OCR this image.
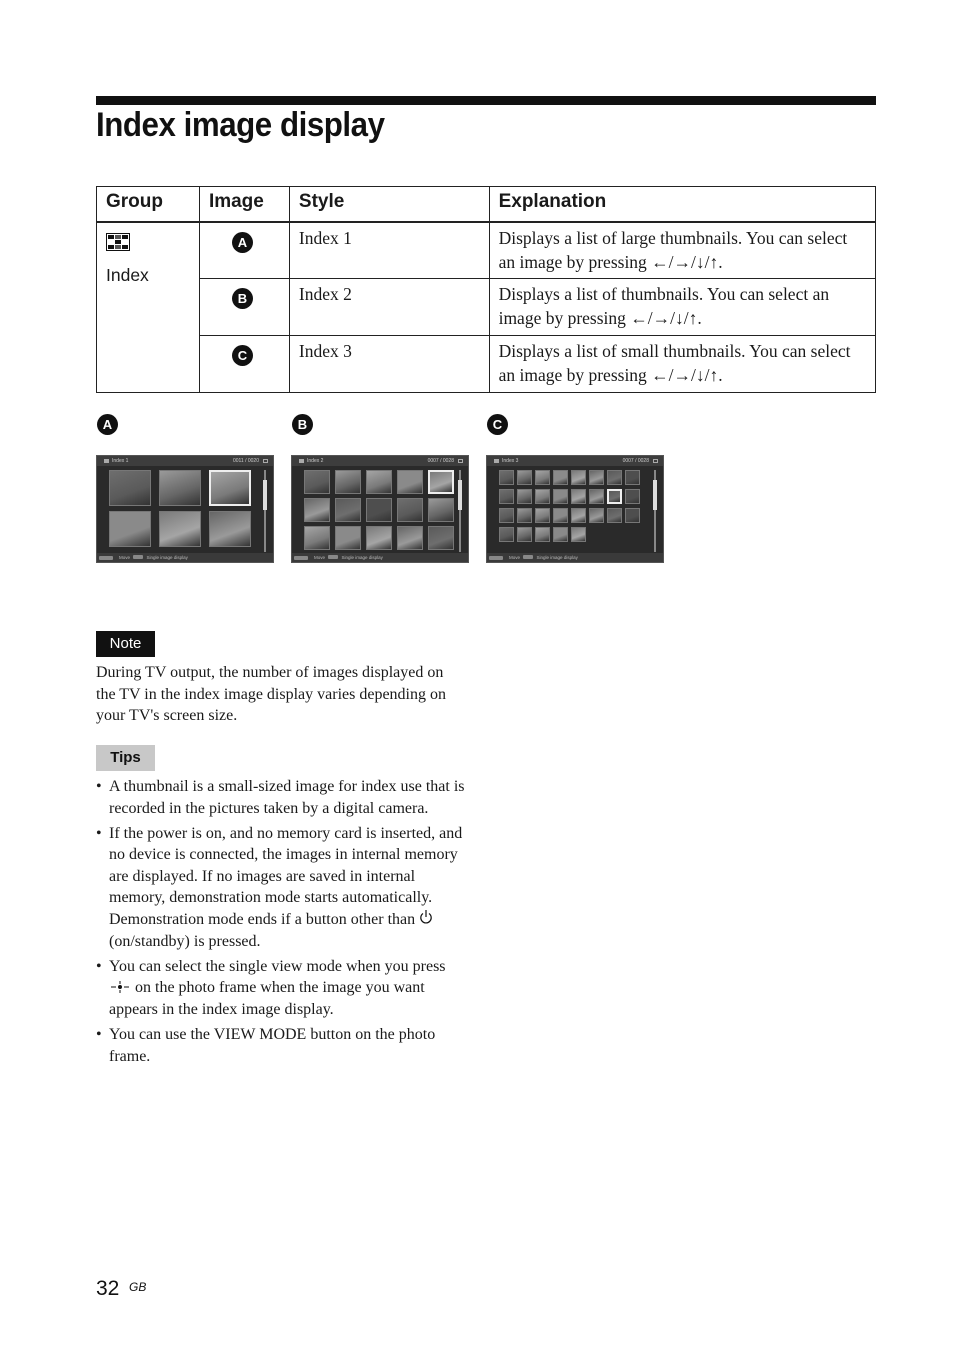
Index image display
Group	Image	Style	Explanation

Index	A	Index 1	Displays a list of large thumbnails. You can select an image by pressing ←/→/↓/↑.
	B	Index 2	Displays a list of thumbnails. You can select an image by pressing ←/→/↓/↑.
	C	Index 3	Displays a list of small thumbnails. You can select an image by pressing ←/→/↓/↑.
A	B	C
Index 1	0011 / 0020
Move	Single image display
Index 2	0007 / 0028
Move	Single image display
Index 3	0007 / 0028
Move	Single image display
Note

During TV output, the number of images displayed on the TV in the index image display varies depending on your TV's screen size.

Tips
• A thumbnail is a small-sized image for index use that is recorded in the pictures taken by a digital camera.
• If the power is on, and no memory card is inserted, and no device is connected, the images in internal memory are displayed. If no images are saved in internal memory, demonstration mode starts automatically. Demonstration mode ends if a button other than  (on/standby) is pressed.
• You can select the single view mode when you press  on the photo frame when the image you want appears in the index image display.
• You can use the VIEW MODE button on the photo frame.
32 GB
